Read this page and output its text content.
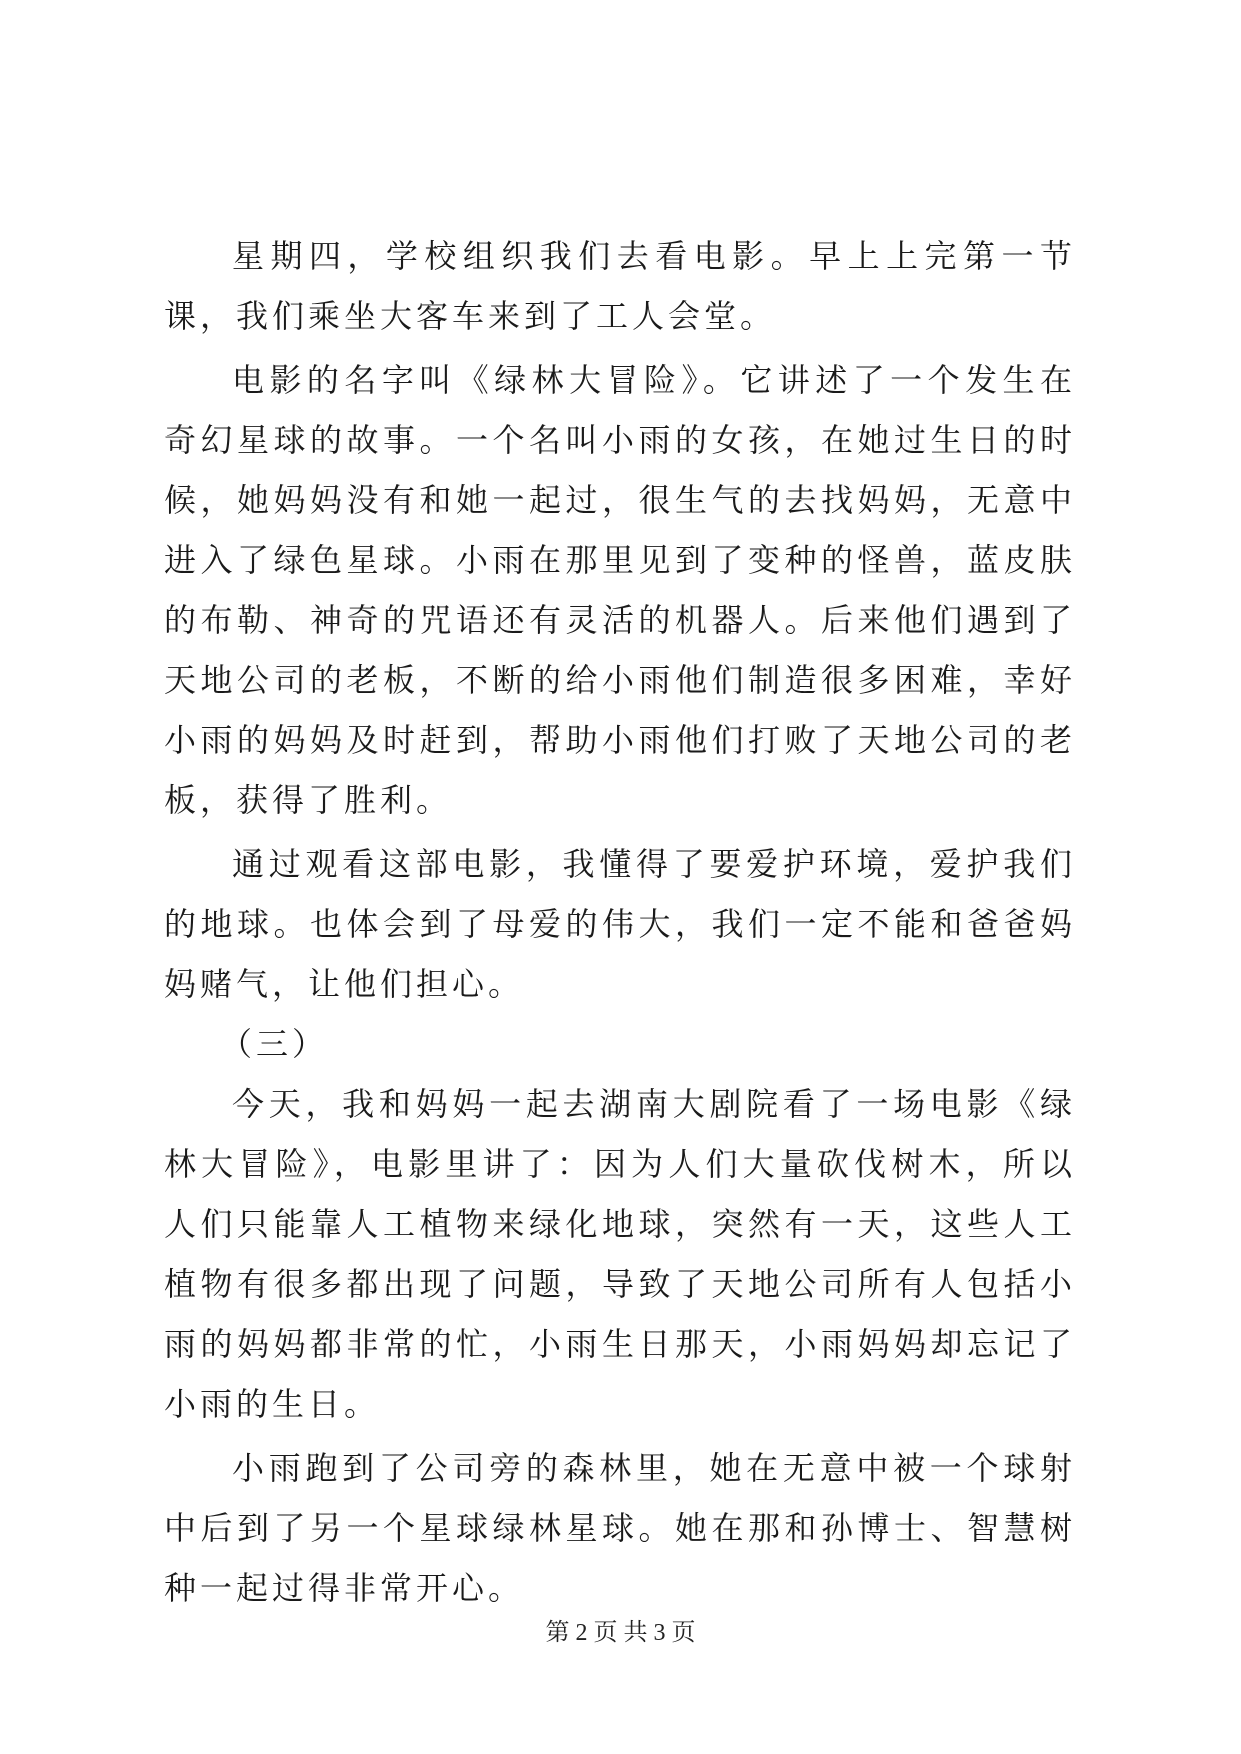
星期四，学校组织我们去看电影。早上上完第一节课，我们乘坐大客车来到了工人会堂。

电影的名字叫《绿林大冒险》。它讲述了一个发生在奇幻星球的故事。一个名叫小雨的女孩，在她过生日的时候，她妈妈没有和她一起过，很生气的去找妈妈，无意中进入了绿色星球。小雨在那里见到了变种的怪兽，蓝皮肤的布勒、神奇的咒语还有灵活的机器人。后来他们遇到了天地公司的老板，不断的给小雨他们制造很多困难，幸好小雨的妈妈及时赶到，帮助小雨他们打败了天地公司的老板，获得了胜利。

通过观看这部电影，我懂得了要爱护环境，爱护我们的地球。也体会到了母爱的伟大，我们一定不能和爸爸妈妈赌气，让他们担心。

（三）

今天，我和妈妈一起去湖南大剧院看了一场电影《绿林大冒险》，电影里讲了：因为人们大量砍伐树木，所以人们只能靠人工植物来绿化地球，突然有一天，这些人工植物有很多都出现了问题，导致了天地公司所有人包括小雨的妈妈都非常的忙，小雨生日那天，小雨妈妈却忘记了小雨的生日。

小雨跑到了公司旁的森林里，她在无意中被一个球射中后到了另一个星球绿林星球。她在那和孙博士、智慧树种一起过得非常开心。

第 2 页 共 3 页
